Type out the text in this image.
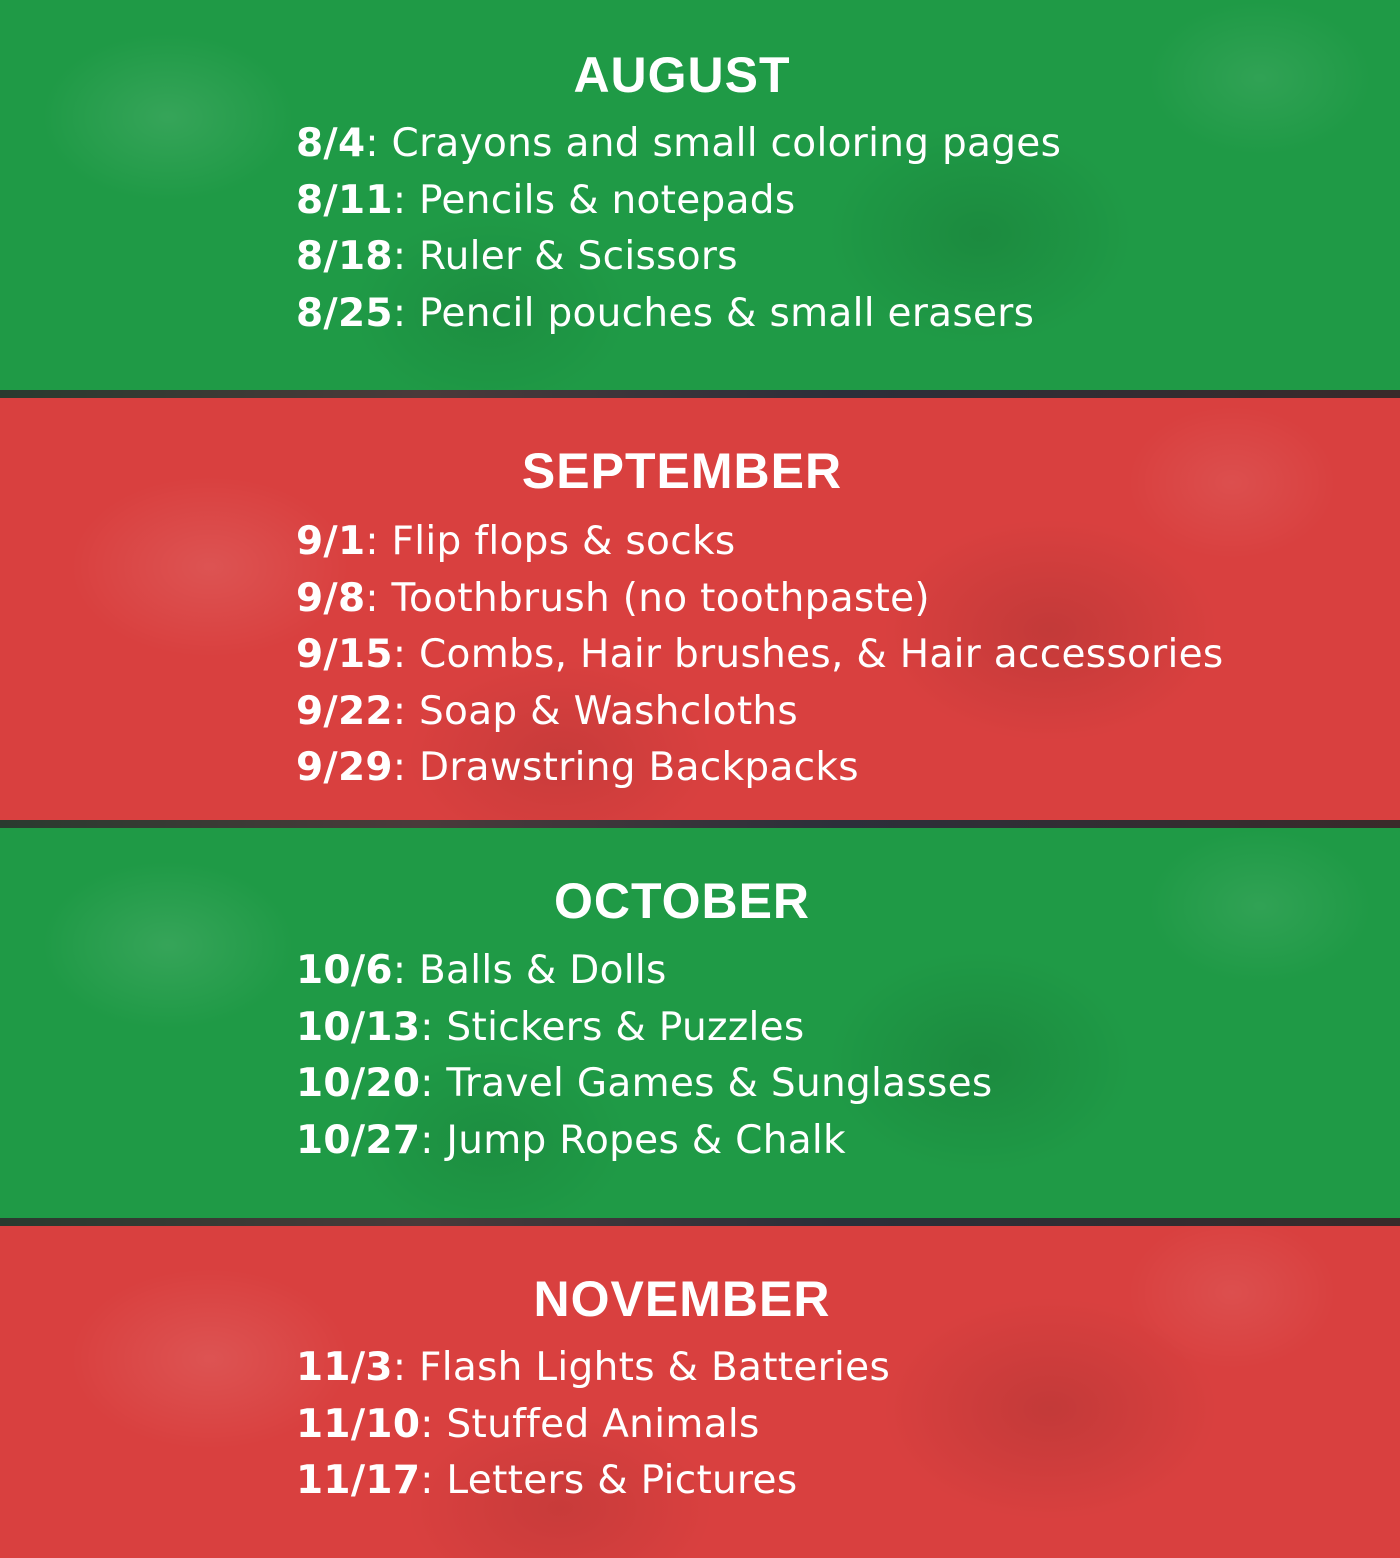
AUGUST
8/4: Crayons and small coloring pages
8/11: Pencils & notepads
8/18: Ruler & Scissors
8/25: Pencil pouches & small erasers
SEPTEMBER
9/1: Flip flops & socks
9/8: Toothbrush (no toothpaste)
9/15: Combs, Hair brushes, & Hair accessories
9/22: Soap & Washcloths
9/29: Drawstring Backpacks
OCTOBER
10/6: Balls & Dolls
10/13: Stickers & Puzzles
10/20: Travel Games & Sunglasses
10/27: Jump Ropes & Chalk
NOVEMBER
11/3: Flash Lights & Batteries
11/10: Stuffed Animals
11/17: Letters & Pictures
